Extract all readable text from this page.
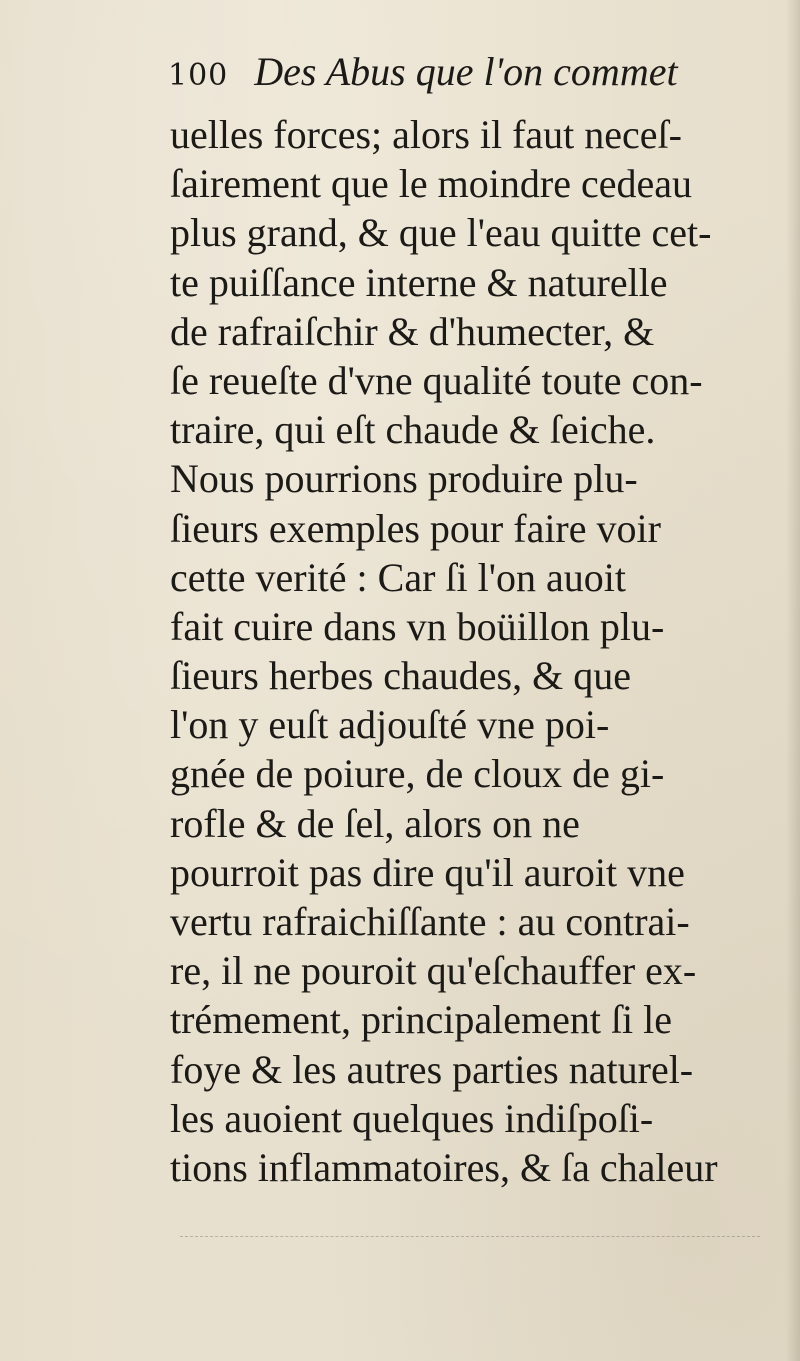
100 Des Abus que l'on commet
uelles forces; alors il faut neceſ-
ſairement que le moindre cedeau
plus grand, & que l'eau quitte cet-
te puiſſance interne & naturelle
de rafraiſchir & d'humecter, &
ſe reueſte d'vne qualité toute con-
traire, qui eſt chaude & ſeiche.
Nous pourrions produire plu-
ſieurs exemples pour faire voir
cette verité : Car ſi l'on auoit
fait cuire dans vn boüillon plu-
ſieurs herbes chaudes, & que
l'on y euſt adjouſté vne poi-
gnée de poiure, de cloux de gi-
rofle & de ſel, alors on ne
pourroit pas dire qu'il auroit vne
vertu rafraichiſſante : au contrai-
re, il ne pouroit qu'eſchauffer ex-
trémement, principalement ſi le
foye & les autres parties naturel-
les auoient quelques indiſpoſi-
tions inflammatoires, & ſa chaleur
